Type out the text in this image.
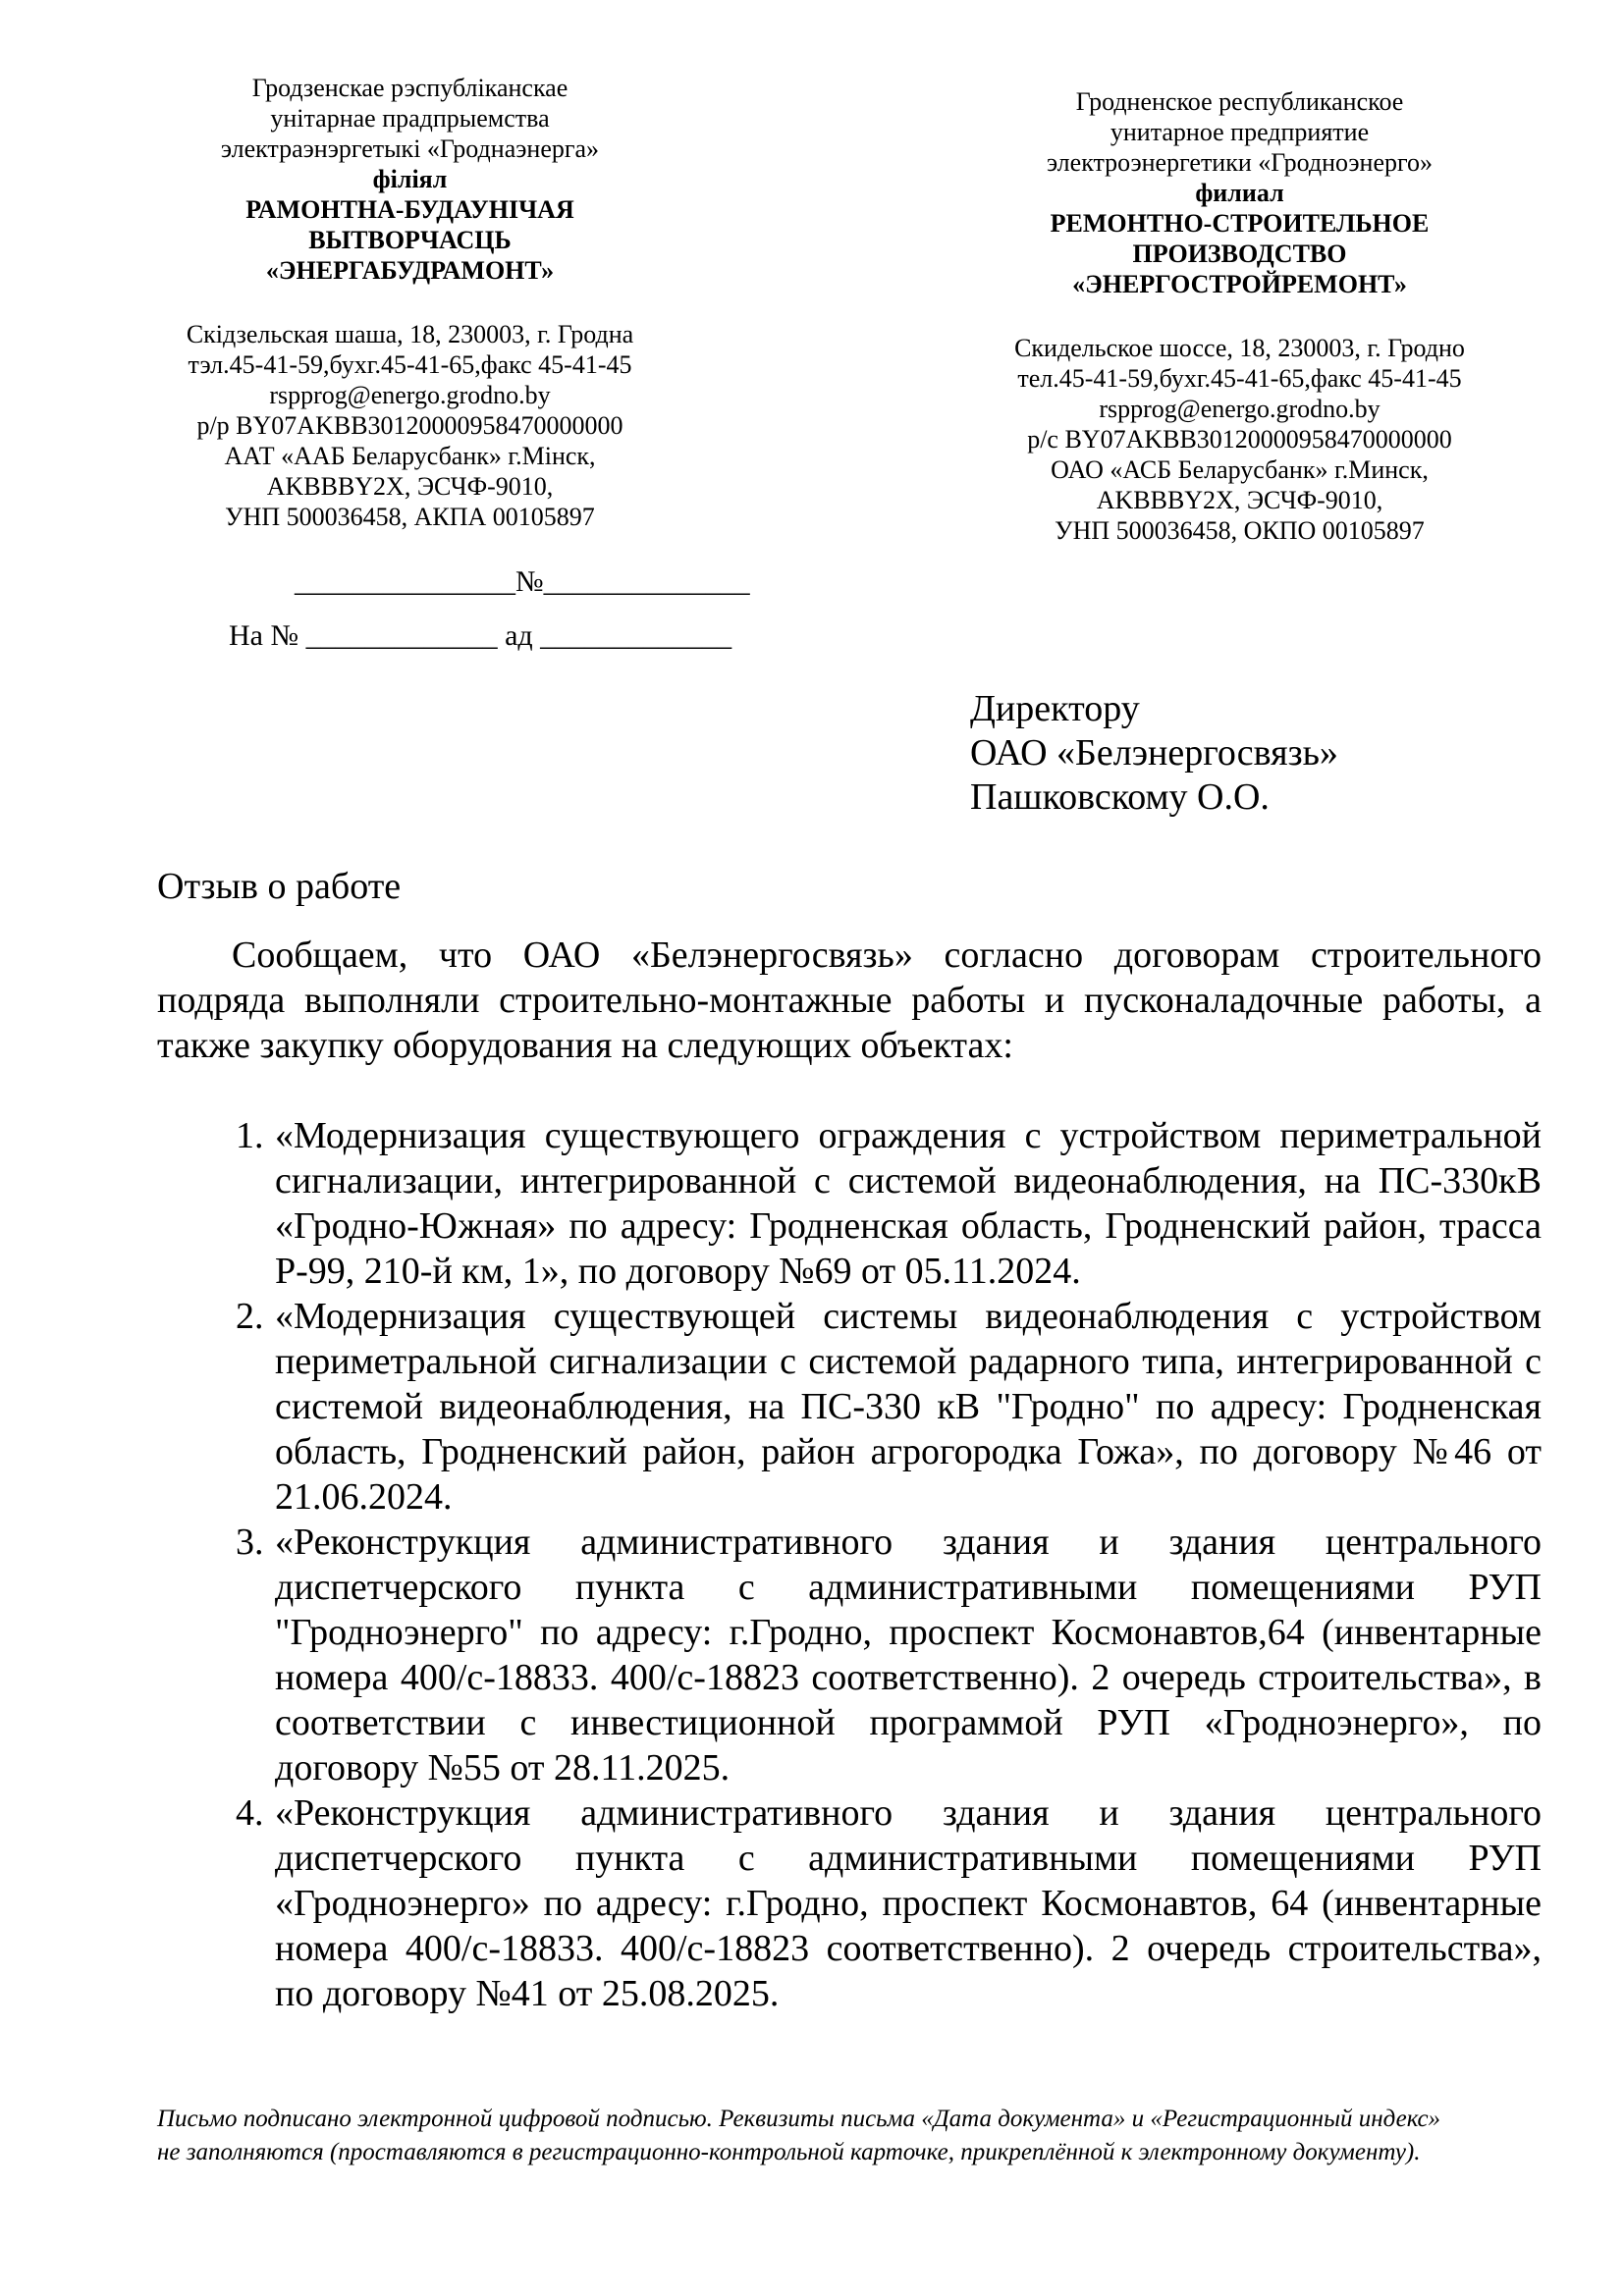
Гродзенскае рэспубліканскае
унітарнае прадпрыемства
электраэнэргетыкі «Гроднаэнерга»
філіял
РАМОНТНА-БУДАУНІЧАЯ
ВЫТВОРЧАСЦЬ
«ЭНЕРГАБУДРАМОНТ»
Скідзельская шаша, 18, 230003, г. Гродна
тэл.45-41-59,бухг.45-41-65,факс 45-41-45
rspprog@energo.grodno.by
р/р BY07AKBB30120000958470000000
ААТ «ААБ Беларусбанк» г.Мінск,
AKBBBY2X, ЭСЧФ-9010,
УНП 500036458, АКПА 00105897
Гродненское республиканское
унитарное предприятие
электроэнергетики «Гродноэнерго»
филиал
РЕМОНТНО-СТРОИТЕЛЬНОЕ
ПРОИЗВОДСТВО
«ЭНЕРГОСТРОЙРЕМОНТ»
Скидельское шоссе, 18, 230003, г. Гродно
тел.45-41-59,бухг.45-41-65,факс 45-41-45
rspprog@energo.grodno.by
р/с BY07AKBB30120000958470000000
ОАО «АСБ Беларусбанк» г.Минск,
AKBBBY2X, ЭСЧФ-9010,
УНП 500036458, ОКПО 00105897
_______________№______________
На № _____________ ад _____________
Директору
ОАО «Белэнергосвязь»
Пашковскому О.О.
Отзыв о работе
Сообщаем, что ОАО «Белэнергосвязь» согласно договорам строительного подряда выполняли строительно-монтажные работы и пусконаладочные работы, а также закупку оборудования на следующих объектах:
1. «Модернизация существующего ограждения с устройством периметральной сигнализации, интегрированной с системой видеонаблюдения, на ПС-330кВ «Гродно-Южная» по адресу: Гродненская область, Гродненский район, трасса Р-99, 210-й км, 1», по договору №69 от 05.11.2024.
2. «Модернизация существующей системы видеонаблюдения с устройством периметральной сигнализации с системой радарного типа, интегрированной с системой видеонаблюдения, на ПС-330 кВ "Гродно" по адресу: Гродненская область, Гродненский район, район агрогородка Гожа», по договору №46 от 21.06.2024.
3. «Реконструкция административного здания и здания центрального диспетчерского пункта с административными помещениями РУП "Гродноэнерго" по адресу: г.Гродно, проспект Космонавтов,64 (инвентарные номера 400/с-18833. 400/с-18823 соответственно). 2 очередь строительства», в соответствии с инвестиционной программой РУП «Гродноэнерго», по договору №55 от 28.11.2025.
4. «Реконструкция административного здания и здания центрального диспетчерского пункта с административными помещениями РУП «Гродноэнерго» по адресу: г.Гродно, проспект Космонавтов, 64 (инвентарные номера 400/с-18833. 400/с-18823 соответственно). 2 очередь строительства», по договору №41 от 25.08.2025.
Письмо подписано электронной цифровой подписью. Реквизиты письма «Дата документа» и «Регистрационный индекс»
не заполняются (проставляются в регистрационно-контрольной карточке, прикреплённой к электронному документу).
